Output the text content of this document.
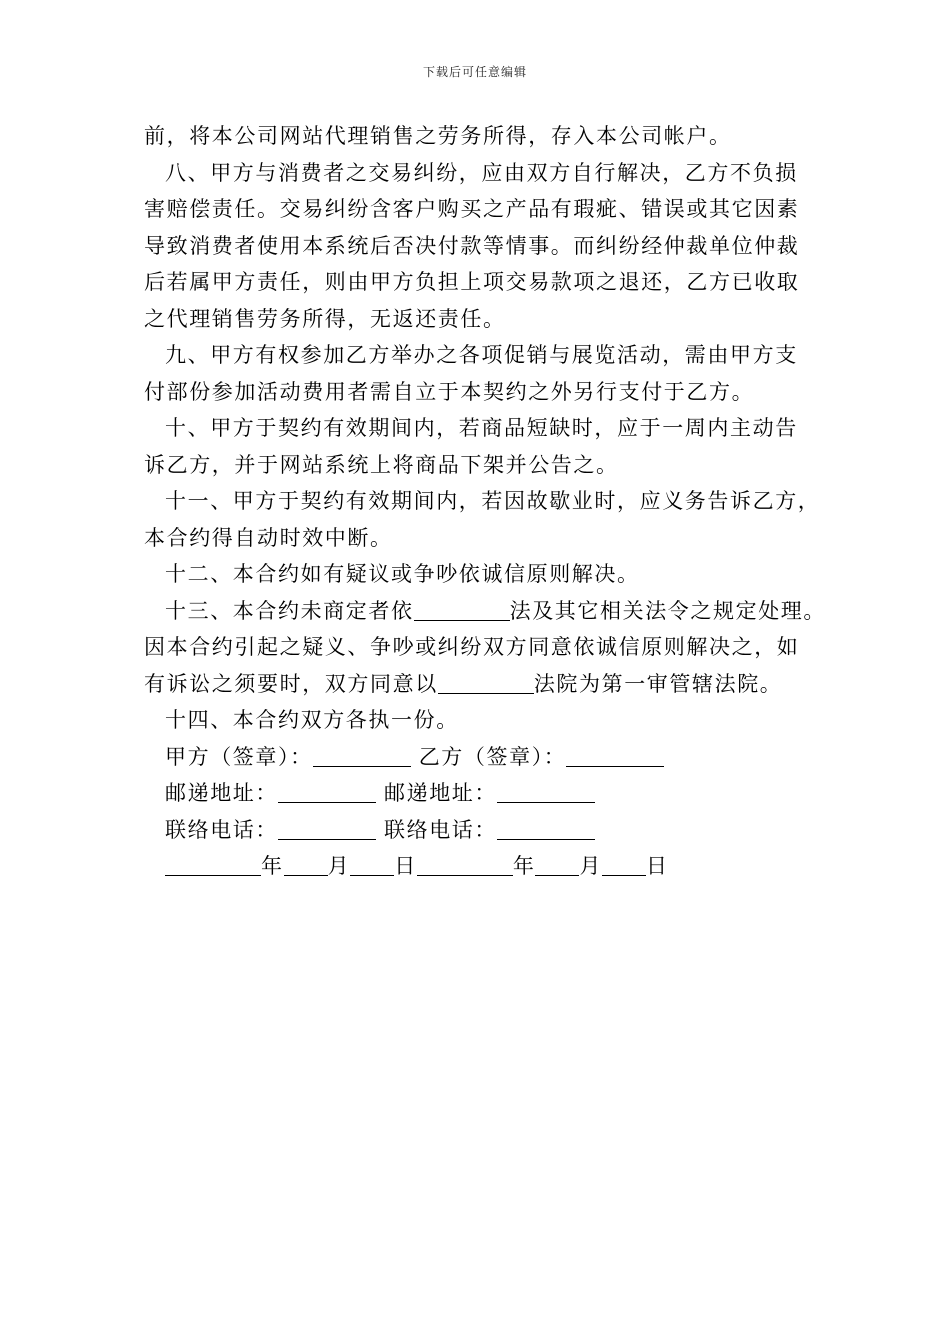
下载后可任意编辑
前，将本公司网站代理销售之劳务所得，存入本公司帐户。
八、甲方与消费者之交易纠纷，应由双方自行解决，乙方不负损
害赔偿责任。交易纠纷含客户购买之产品有瑕疵、错误或其它因素
导致消费者使用本系统后否决付款等情事。而纠纷经仲裁单位仲裁
后若属甲方责任，则由甲方负担上项交易款项之退还，乙方已收取
之代理销售劳务所得，无返还责任。
九、甲方有权参加乙方举办之各项促销与展览活动，需由甲方支
付部份参加活动费用者需自立于本契约之外另行支付于乙方。
十、甲方于契约有效期间内，若商品短缺时，应于一周内主动告
诉乙方，并于网站系统上将商品下架并公告之。
十一、甲方于契约有效期间内，若因故歇业时，应义务告诉乙方，
本合约得自动时效中断。
十二、本合约如有疑议或争吵依诚信原则解决。
十三、本合约未商定者依	法及其它相关法令之规定处理。
因本合约引起之疑义、争吵或纠纷双方同意依诚信原则解决之，如
有诉讼之须要时，双方同意以	法院为第一审管辖法院。
十四、本合约双方各执一份。
甲方（签章）：	乙方（签章）：
邮递地址：	邮递地址：
联络电话：	联络电话：
年 月 日	年 月 日
